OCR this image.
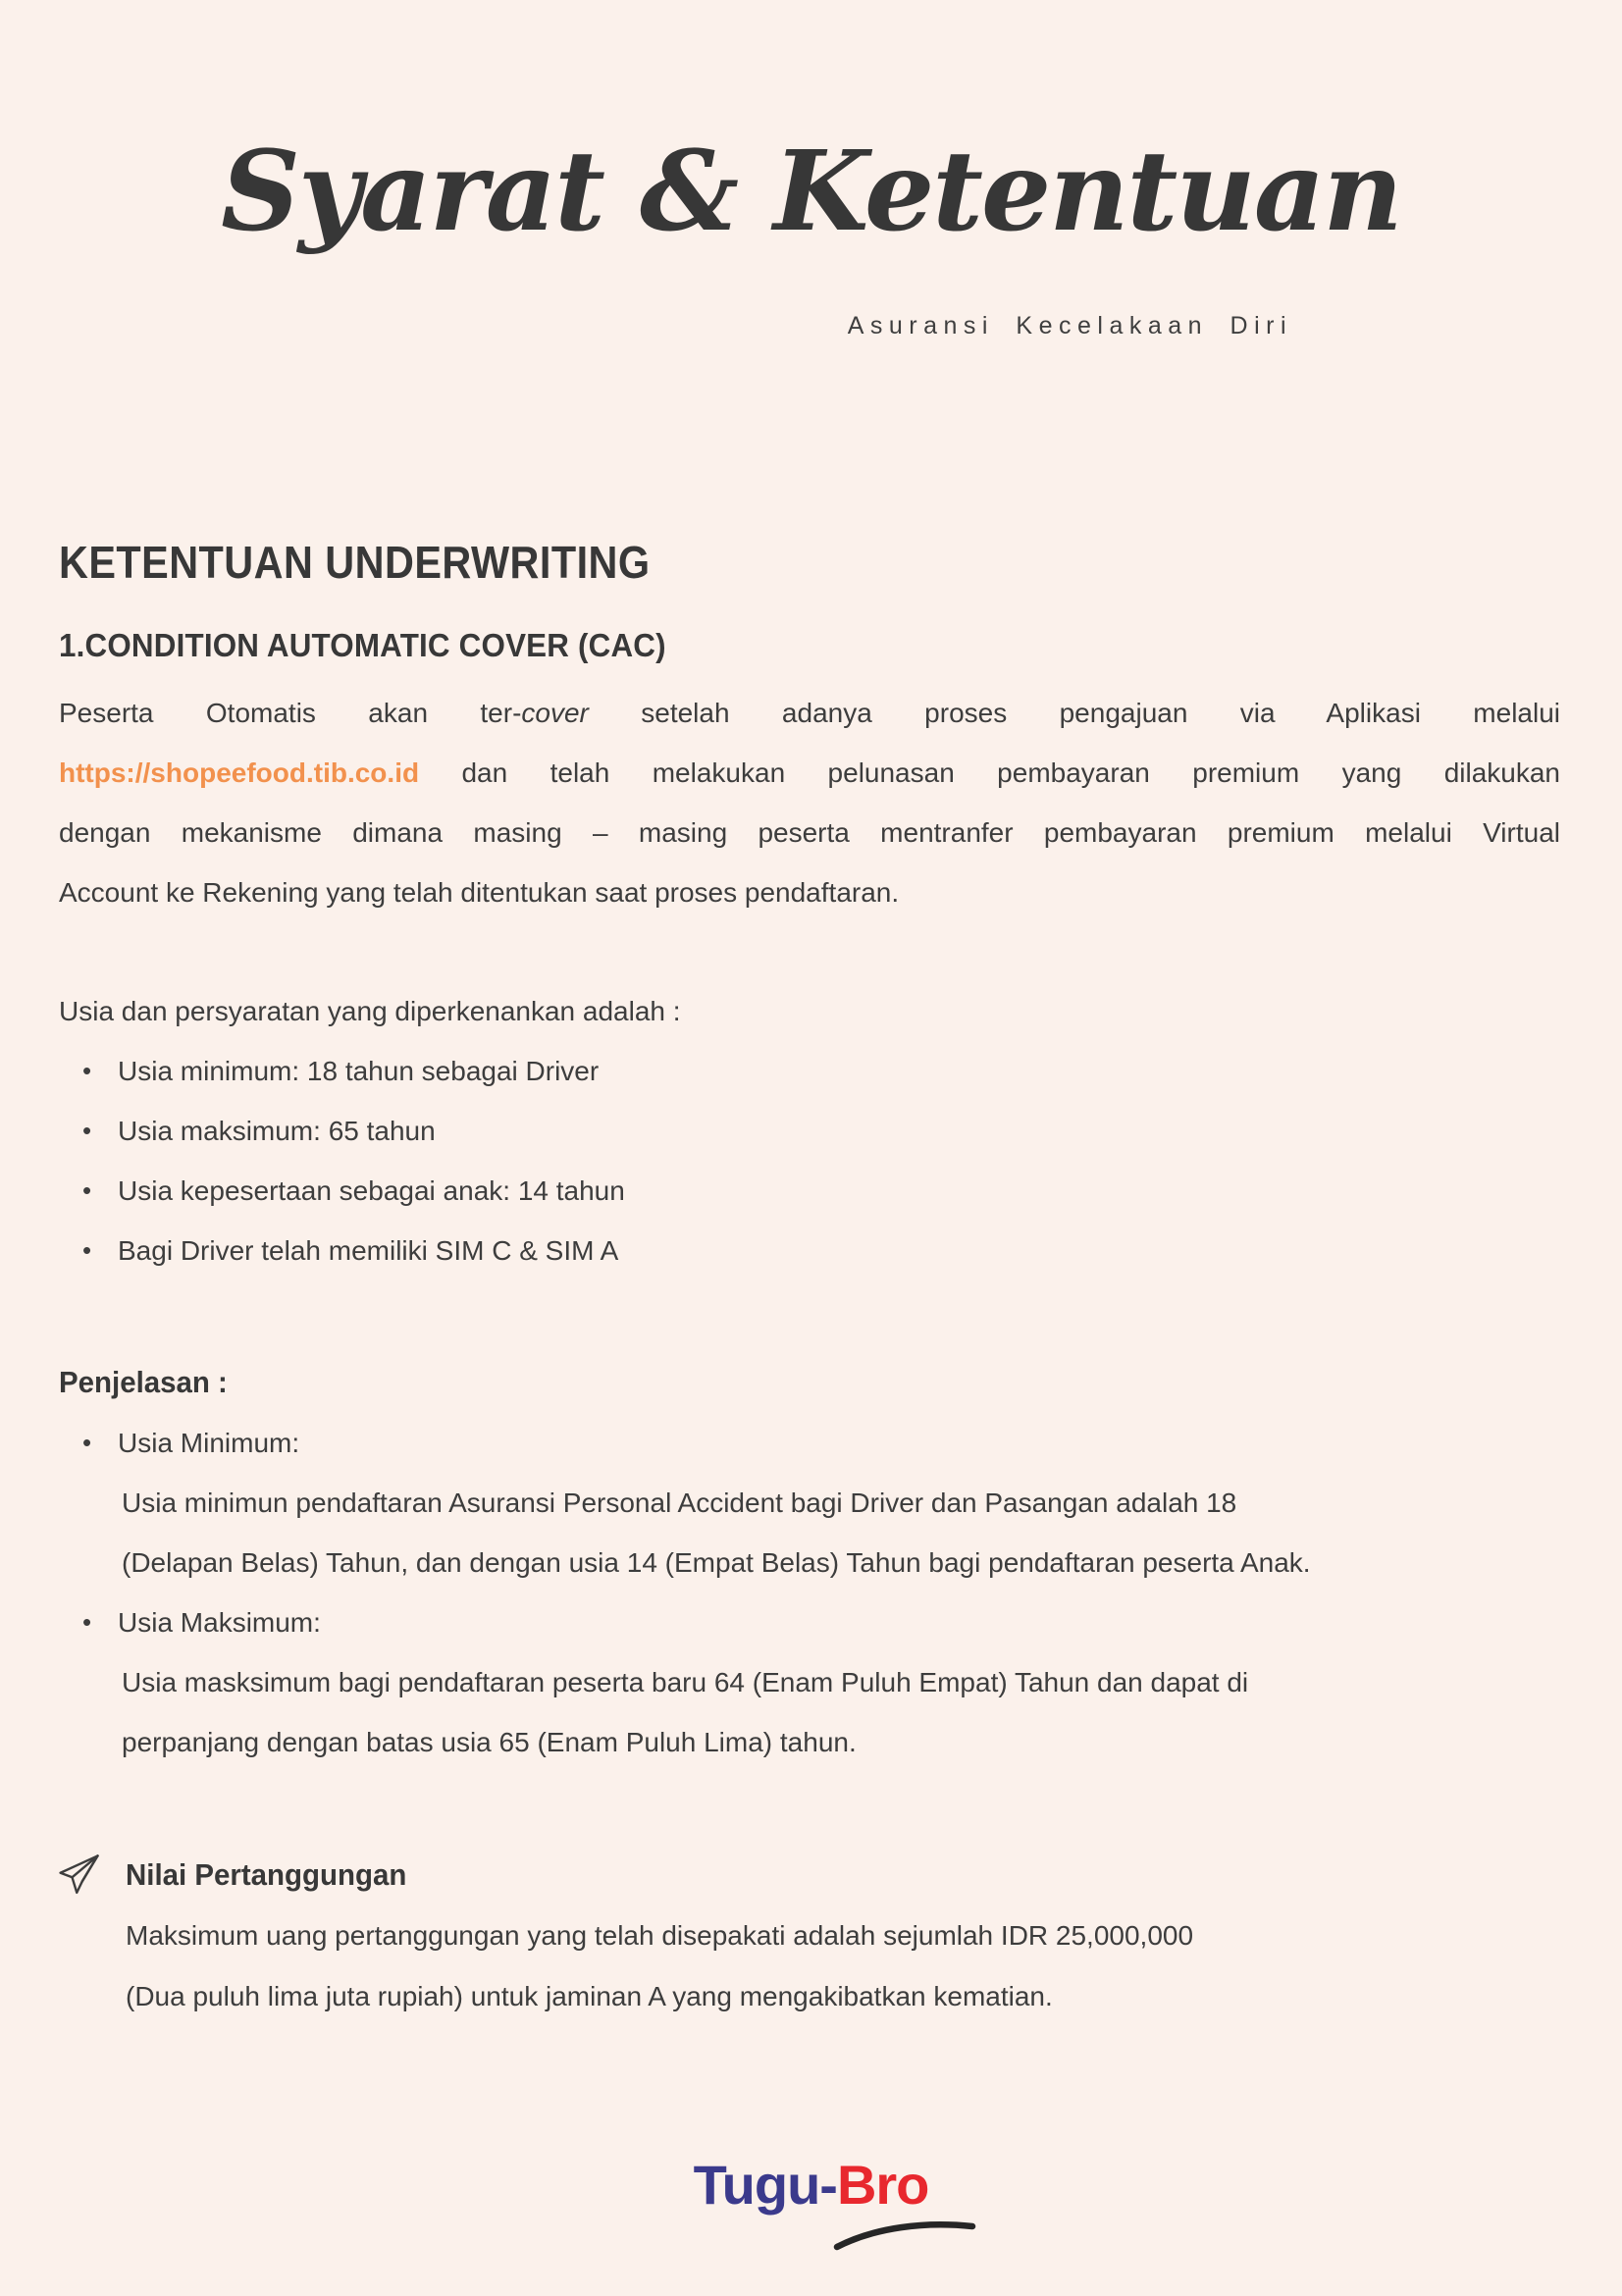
Syarat & Ketentuan
Asuransi Kecelakaan Diri
KETENTUAN UNDERWRITING
1.CONDITION AUTOMATIC COVER (CAC)
Peserta Otomatis akan ter-cover setelah adanya proses pengajuan via Aplikasi melalui
https://shopeefood.tib.co.id dan telah melakukan pelunasan pembayaran premium yang dilakukan
dengan mekanisme dimana masing – masing peserta mentranfer pembayaran premium melalui Virtual
Account ke Rekening yang telah ditentukan saat proses pendaftaran.
Usia dan persyaratan yang diperkenankan adalah :
• Usia minimum: 18 tahun sebagai Driver
• Usia maksimum: 65 tahun
• Usia kepesertaan sebagai anak: 14 tahun
• Bagi Driver telah memiliki SIM C & SIM A
Penjelasan :
• Usia Minimum:
Usia minimun pendaftaran Asuransi Personal Accident bagi Driver dan Pasangan adalah 18
(Delapan Belas) Tahun, dan dengan usia 14 (Empat Belas) Tahun bagi pendaftaran peserta Anak.
• Usia Maksimum:
Usia masksimum bagi pendaftaran peserta baru 64 (Enam Puluh Empat) Tahun dan dapat di
perpanjang dengan batas usia 65 (Enam Puluh Lima) tahun.
Nilai Pertanggungan
Maksimum uang pertanggungan yang telah disepakati adalah sejumlah IDR 25,000,000
(Dua puluh lima juta rupiah) untuk jaminan A yang mengakibatkan kematian.
Tugu-Bro
